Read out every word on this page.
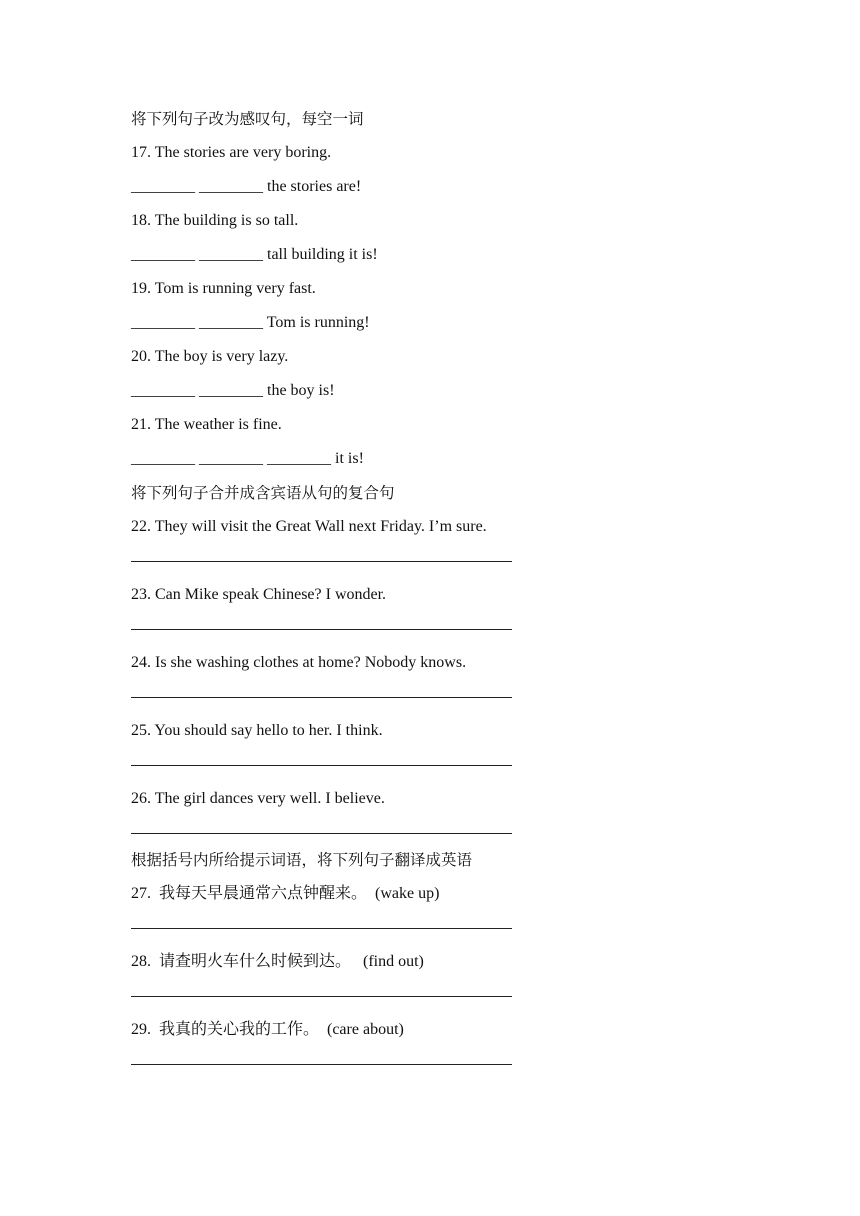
将下列句子改为感叹句，每空一词

17. The stories are very boring.

________ ________ the stories are!

18. The building is so tall.

________ ________ tall building it is!

19. Tom is running very fast.

________ ________ Tom is running!

20. The boy is very lazy.

________ ________ the boy is!

21. The weather is fine.

________ ________ ________ it is!

将下列句子合并成含宾语从句的复合句

22. They will visit the Great Wall next Friday. I’m sure.

23. Can Mike speak Chinese? I wonder.

24. Is she washing clothes at home? Nobody knows.

25. You should say hello to her. I think.

26. The girl dances very well. I believe.

根据括号内所给提示词语，将下列句子翻译成英语

27.  我每天早晨通常六点钟醒来。  (wake up)

28.  请查明火车什么时候到达。   (find out)

29.  我真的关心我的工作。  (care about)
